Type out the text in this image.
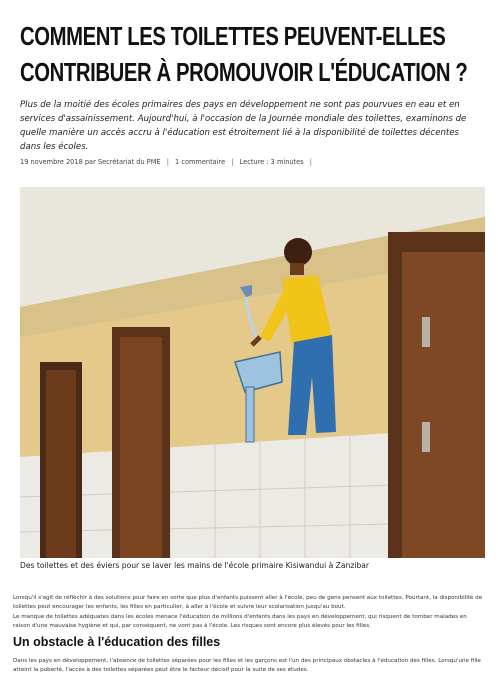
COMMENT LES TOILETTES PEUVENT-ELLES
CONTRIBUER À PROMOUVOIR L'ÉDUCATION ?

Plus de la moitié des écoles primaires des pays en développement ne sont pas pourvues en eau et en services d'assainissement. Aujourd'hui, à l'occasion de la Journée mondiale des toilettes, examinons de quelle manière un accès accru à l'éducation est étroitement lié à la disponibilité de toilettes décentes dans les écoles.

19 novembre 2018 par Secrétariat du PME | 1 commentaire | Lecture : 3 minutes |
Des toilettes et des éviers pour se laver les mains de l'école primaire Kisiwandui à Zanzibar

Lorsqu'il s'agit de réfléchir à des solutions pour faire en sorte que plus d'enfants puissent aller à l'école, peu de gens pensent aux toilettes. Pourtant, la disponibilité de toilettes peut encourager les enfants, les filles en particulier, à aller à l'école et suivre leur scolarisation jusqu'au bout.

Le manque de toilettes adéquates dans les écoles menace l'éducation de millions d'enfants dans les pays en développement, qui risquent de tomber malades en raison d'une mauvaise hygiène et qui, par conséquent, ne vont pas à l'école. Les risques sont encore plus élevés pour les filles.

Un obstacle à l'éducation des filles

Dans les pays en développement, l'absence de toilettes séparées pour les filles et les garçons est l'un des principaux obstacles à l'éducation des filles. Lorsqu'une fille atteint la puberté, l'accès à des toilettes séparées peut être le facteur décisif pour la suite de ses études.
